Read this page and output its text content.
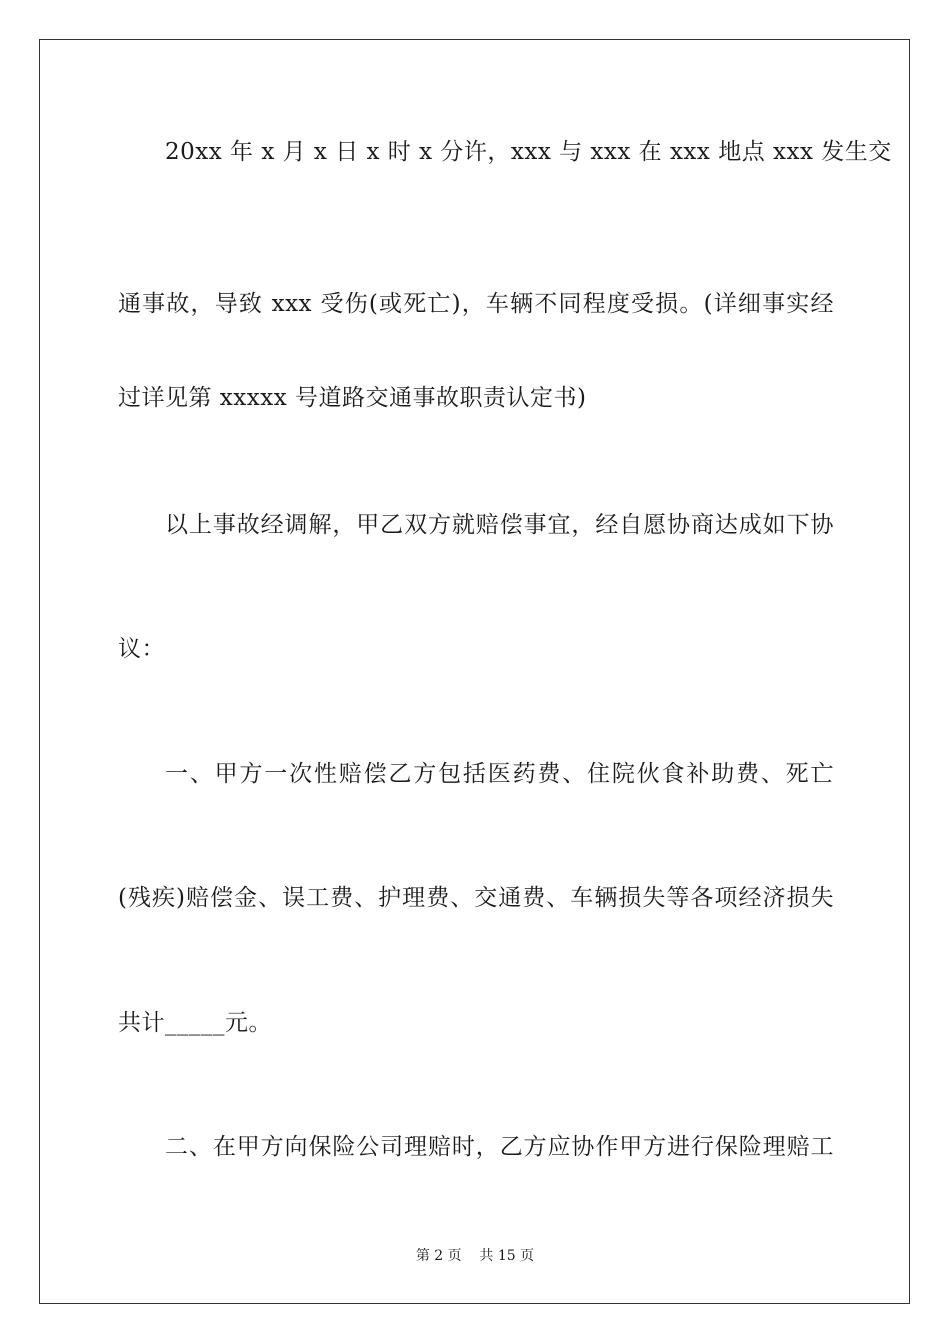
20xx 年 x 月 x 日 x 时 x 分许，xxx 与 xxx 在 xxx 地点 xxx 发生交
通事故，导致 xxx 受伤(或死亡)，车辆不同程度受损。(详细事实经
过详见第 xxxxx 号道路交通事故职责认定书)
以上事故经调解，甲乙双方就赔偿事宜，经自愿协商达成如下协
议：
一、甲方一次性赔偿乙方包括医药费、住院伙食补助费、死亡
(残疾)赔偿金、误工费、护理费、交通费、车辆损失等各项经济损失
共计_____元。
二、在甲方向保险公司理赔时，乙方应协作甲方进行保险理赔工
第 2 页    共 15 页
